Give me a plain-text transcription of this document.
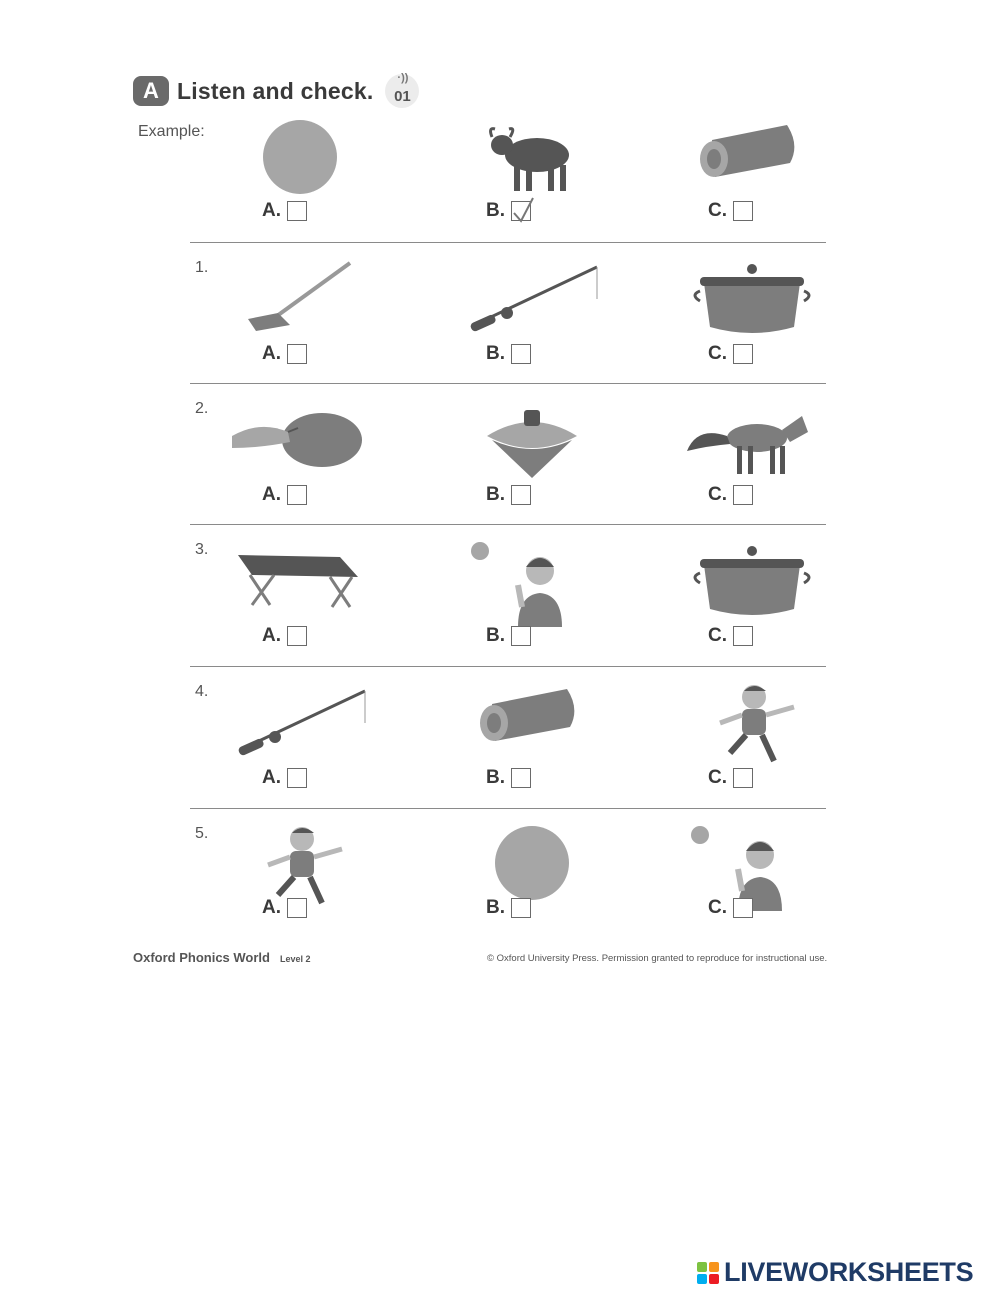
A Listen and check. ·))
01
Example:
A.	B.	C.
1.
A.	B.	C.
2.
A.	B.	C.
3.
A.	B.	C.
4.
A.	B.	C.
5.
A.	B.	C.
Oxford Phonics World Level 2	© Oxford University Press. Permission granted to reproduce for instructional use.
LIVEWORKSHEETS
